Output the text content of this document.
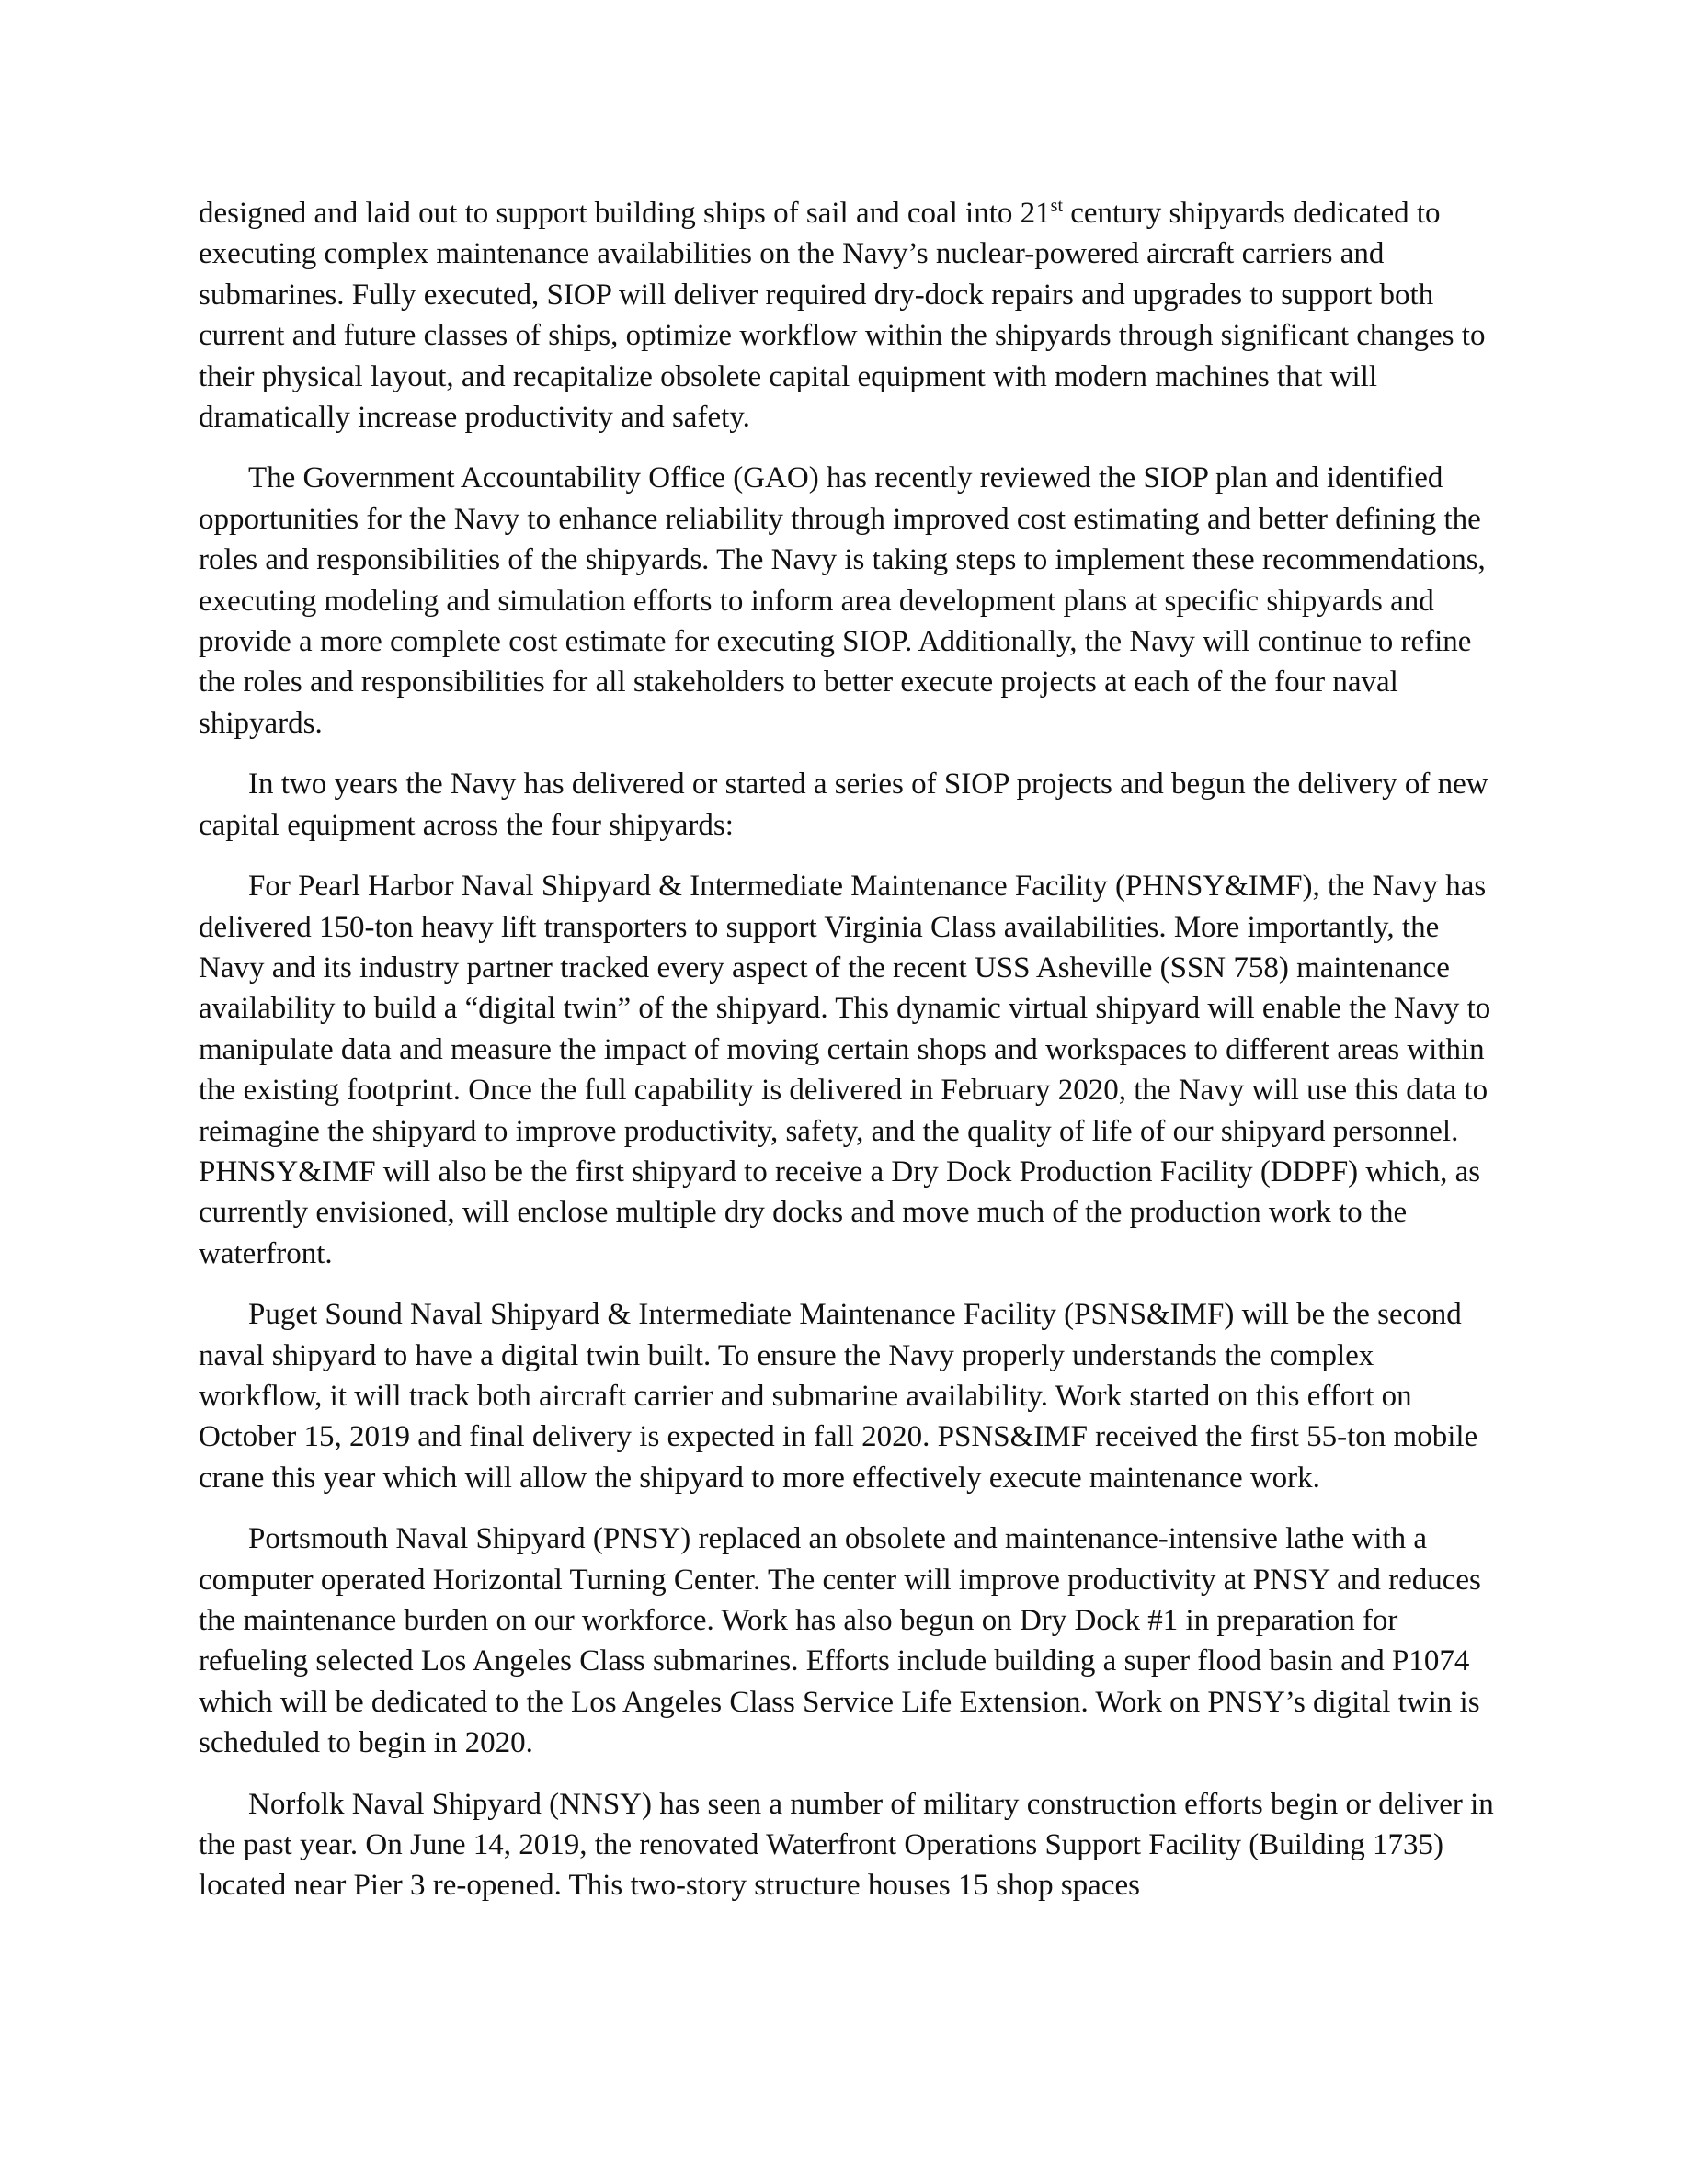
designed and laid out to support building ships of sail and coal into 21st century shipyards dedicated to executing complex maintenance availabilities on the Navy’s nuclear-powered aircraft carriers and submarines. Fully executed, SIOP will deliver required dry-dock repairs and upgrades to support both current and future classes of ships, optimize workflow within the shipyards through significant changes to their physical layout, and recapitalize obsolete capital equipment with modern machines that will dramatically increase productivity and safety.

The Government Accountability Office (GAO) has recently reviewed the SIOP plan and identified opportunities for the Navy to enhance reliability through improved cost estimating and better defining the roles and responsibilities of the shipyards. The Navy is taking steps to implement these recommendations, executing modeling and simulation efforts to inform area development plans at specific shipyards and provide a more complete cost estimate for executing SIOP. Additionally, the Navy will continue to refine the roles and responsibilities for all stakeholders to better execute projects at each of the four naval shipyards.

In two years the Navy has delivered or started a series of SIOP projects and begun the delivery of new capital equipment across the four shipyards:

For Pearl Harbor Naval Shipyard & Intermediate Maintenance Facility (PHNSY&IMF), the Navy has delivered 150-ton heavy lift transporters to support Virginia Class availabilities. More importantly, the Navy and its industry partner tracked every aspect of the recent USS Asheville (SSN 758) maintenance availability to build a “digital twin” of the shipyard. This dynamic virtual shipyard will enable the Navy to manipulate data and measure the impact of moving certain shops and workspaces to different areas within the existing footprint. Once the full capability is delivered in February 2020, the Navy will use this data to reimagine the shipyard to improve productivity, safety, and the quality of life of our shipyard personnel. PHNSY&IMF will also be the first shipyard to receive a Dry Dock Production Facility (DDPF) which, as currently envisioned, will enclose multiple dry docks and move much of the production work to the waterfront.

Puget Sound Naval Shipyard & Intermediate Maintenance Facility (PSNS&IMF) will be the second naval shipyard to have a digital twin built. To ensure the Navy properly understands the complex workflow, it will track both aircraft carrier and submarine availability. Work started on this effort on October 15, 2019 and final delivery is expected in fall 2020. PSNS&IMF received the first 55-ton mobile crane this year which will allow the shipyard to more effectively execute maintenance work.

Portsmouth Naval Shipyard (PNSY) replaced an obsolete and maintenance-intensive lathe with a computer operated Horizontal Turning Center. The center will improve productivity at PNSY and reduces the maintenance burden on our workforce. Work has also begun on Dry Dock #1 in preparation for refueling selected Los Angeles Class submarines. Efforts include building a super flood basin and P1074 which will be dedicated to the Los Angeles Class Service Life Extension. Work on PNSY’s digital twin is scheduled to begin in 2020.

Norfolk Naval Shipyard (NNSY) has seen a number of military construction efforts begin or deliver in the past year. On June 14, 2019, the renovated Waterfront Operations Support Facility (Building 1735) located near Pier 3 re-opened. This two-story structure houses 15 shop spaces
